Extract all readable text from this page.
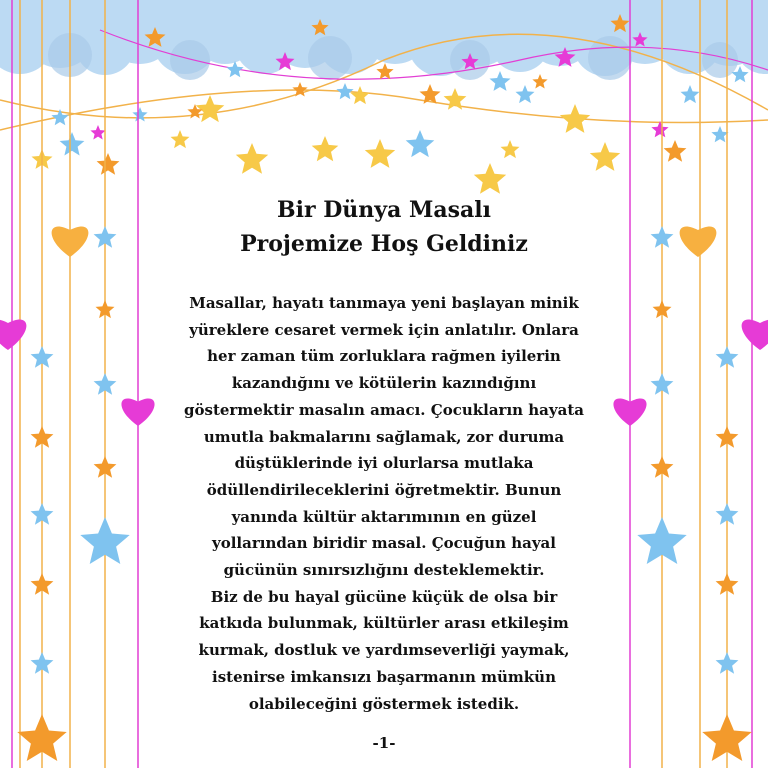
Bir Dünya Masalı
Projemize Hoş Geldiniz
Masallar, hayatı tanımaya yeni başlayan minik
yüreklere cesaret vermek için anlatılır. Onlara
her zaman tüm zorluklara rağmen iyilerin
kazandığını ve kötülerin kazındığını
göstermektir masalın amacı. Çocukların hayata
umutla bakmalarını sağlamak, zor duruma
düştüklerinde iyi olurlarsa mutlaka
ödüllendirileceklerini öğretmektir. Bunun
yanında kültür aktarımının en güzel
yollarından biridir masal. Çocuğun hayal
gücünün sınırsızlığını desteklemektir.
Biz de bu hayal gücüne küçük de olsa bir
katkıda bulunmak, kültürler arası etkileşim
kurmak, dostluk ve yardımseverliği yaymak,
istenirse imkansızı başarmanın mümkün
olabileceğini göstermek istedik.
-1-
